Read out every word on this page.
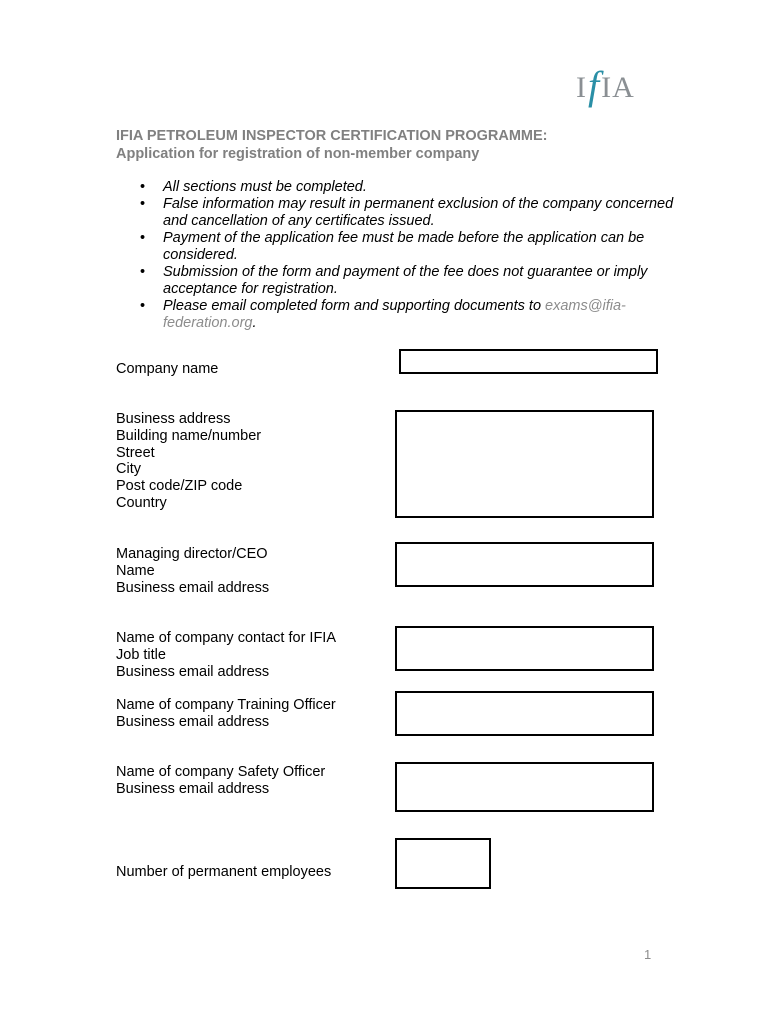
IfIA
IFIA PETROLEUM INSPECTOR CERTIFICATION PROGRAMME:
Application for registration of non-member company
• All sections must be completed.
• False information may result in permanent exclusion of the company concerned and cancellation of any certificates issued.
• Payment of the application fee must be made before the application can be considered.
• Submission of the form and payment of the fee does not guarantee or imply acceptance for registration.
• Please email completed form and supporting documents to exams@ifia-federation.org.
Company name
Business address
Building name/number
Street
City
Post code/ZIP code
Country
Managing director/CEO
Name
Business email address
Name of company contact for IFIA
Job title
Business email address
Name of company Training Officer
Business email address
Name of company Safety Officer
Business email address
Number of permanent employees
1
